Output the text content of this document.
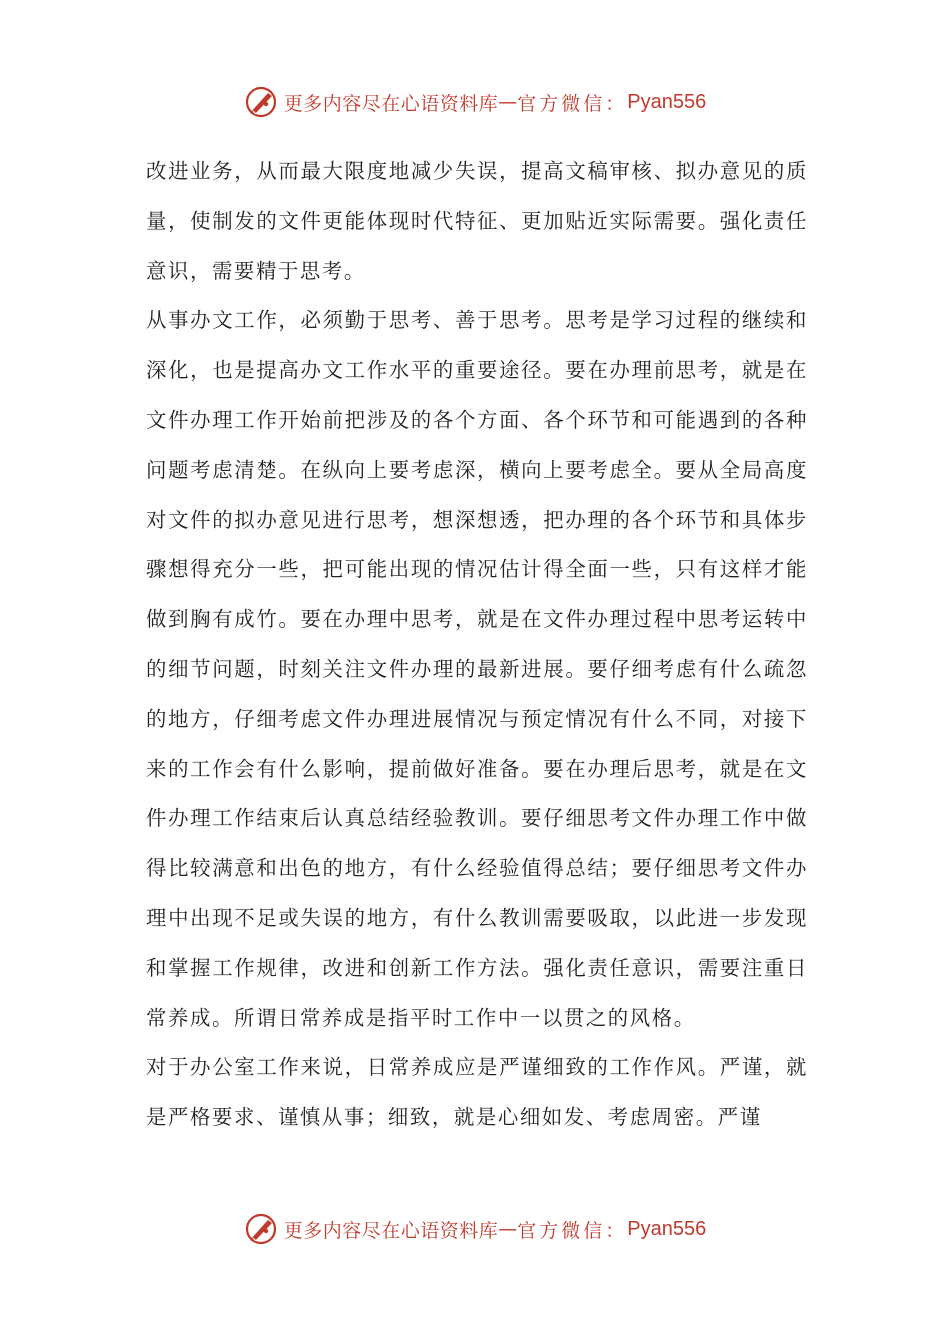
更多内容尽在心语资料库 — 官方微信： Pyan556

改进业务，从而最大限度地减少失误，提高文稿审核、拟办意见的质量，使制发的文件更能体现时代特征、更加贴近实际需要。强化责任意识，需要精于思考。

从事办文工作，必须勤于思考、善于思考。思考是学习过程的继续和深化，也是提高办文工作水平的重要途径。要在办理前思考，就是在文件办理工作开始前把涉及的各个方面、各个环节和可能遇到的各种问题考虑清楚。在纵向上要考虑深，横向上要考虑全。要从全局高度对文件的拟办意见进行思考，想深想透，把办理的各个环节和具体步骤想得充分一些，把可能出现的情况估计得全面一些，只有这样才能做到胸有成竹。要在办理中思考，就是在文件办理过程中思考运转中的细节问题，时刻关注文件办理的最新进展。要仔细考虑有什么疏忽的地方，仔细考虑文件办理进展情况与预定情况有什么不同，对接下来的工作会有什么影响，提前做好准备。要在办理后思考，就是在文件办理工作结束后认真总结经验教训。要仔细思考文件办理工作中做得比较满意和出色的地方，有什么经验值得总结；要仔细思考文件办理中出现不足或失误的地方，有什么教训需要吸取，以此进一步发现和掌握工作规律，改进和创新工作方法。强化责任意识，需要注重日常养成。所谓日常养成是指平时工作中一以贯之的风格。

对于办公室工作来说，日常养成应是严谨细致的工作作风。严谨，就是严格要求、谨慎从事；细致，就是心细如发、考虑周密。严谨

更多内容尽在心语资料库 — 官方微信： Pyan556
